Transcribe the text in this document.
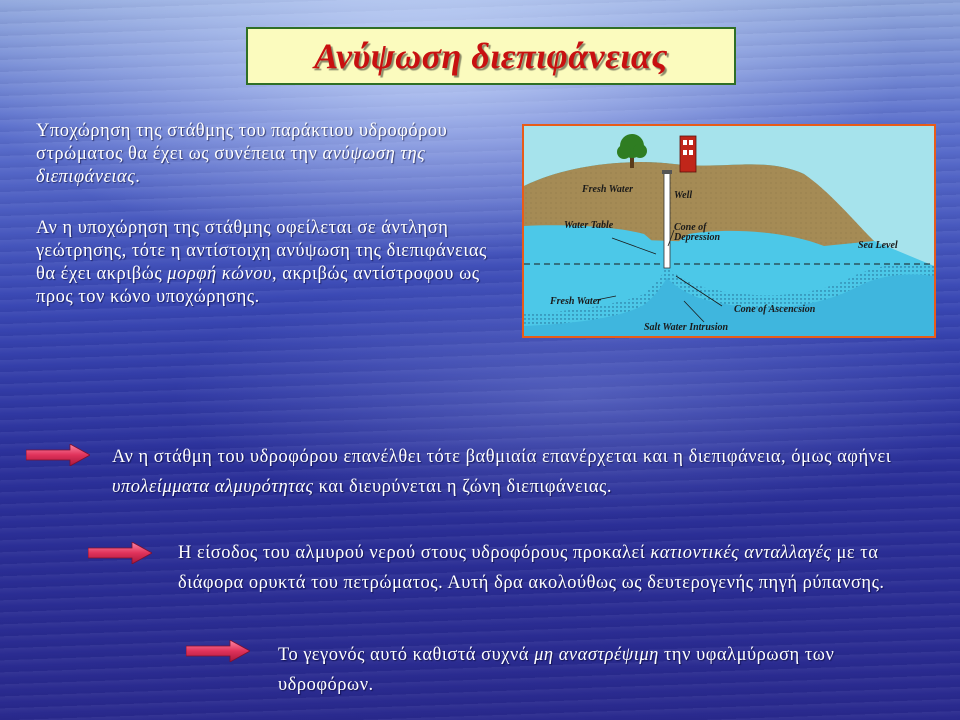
Ανύψωση διεπιφάνειας
Υποχώρηση της στάθμης του παράκτιου υδροφόρου στρώματος θα έχει ως συνέπεια την ανύψωση της διεπιφάνειας.
Αν η υποχώρηση της στάθμης οφείλεται σε άντληση γεώτρησης, τότε η αντίστοιχη ανύψωση της διεπιφάνειας θα έχει ακριβώς μορφή κώνου, ακριβώς αντίστροφου ως προς τον κώνο υποχώρησης.
Fresh Water
Well
Water Table	Cone of
Depression
Sea Level
Fresh Water
Cone of Ascencsion
Salt Water Intrusion
Αν η στάθμη του υδροφόρου επανέλθει τότε βαθμιαία επανέρχεται και η διεπιφάνεια, όμως αφήνει υπολείμματα αλμυρότητας και διευρύνεται η ζώνη διεπιφάνειας.
Η είσοδος του αλμυρού νερού στους υδροφόρους προκαλεί κατιοντικές ανταλλαγές με τα διάφορα ορυκτά του πετρώματος. Αυτή δρα ακολούθως ως δευτερογενής πηγή ρύπανσης.
Το γεγονός αυτό καθιστά συχνά μη αναστρέψιμη την υφαλμύρωση των υδροφόρων.
